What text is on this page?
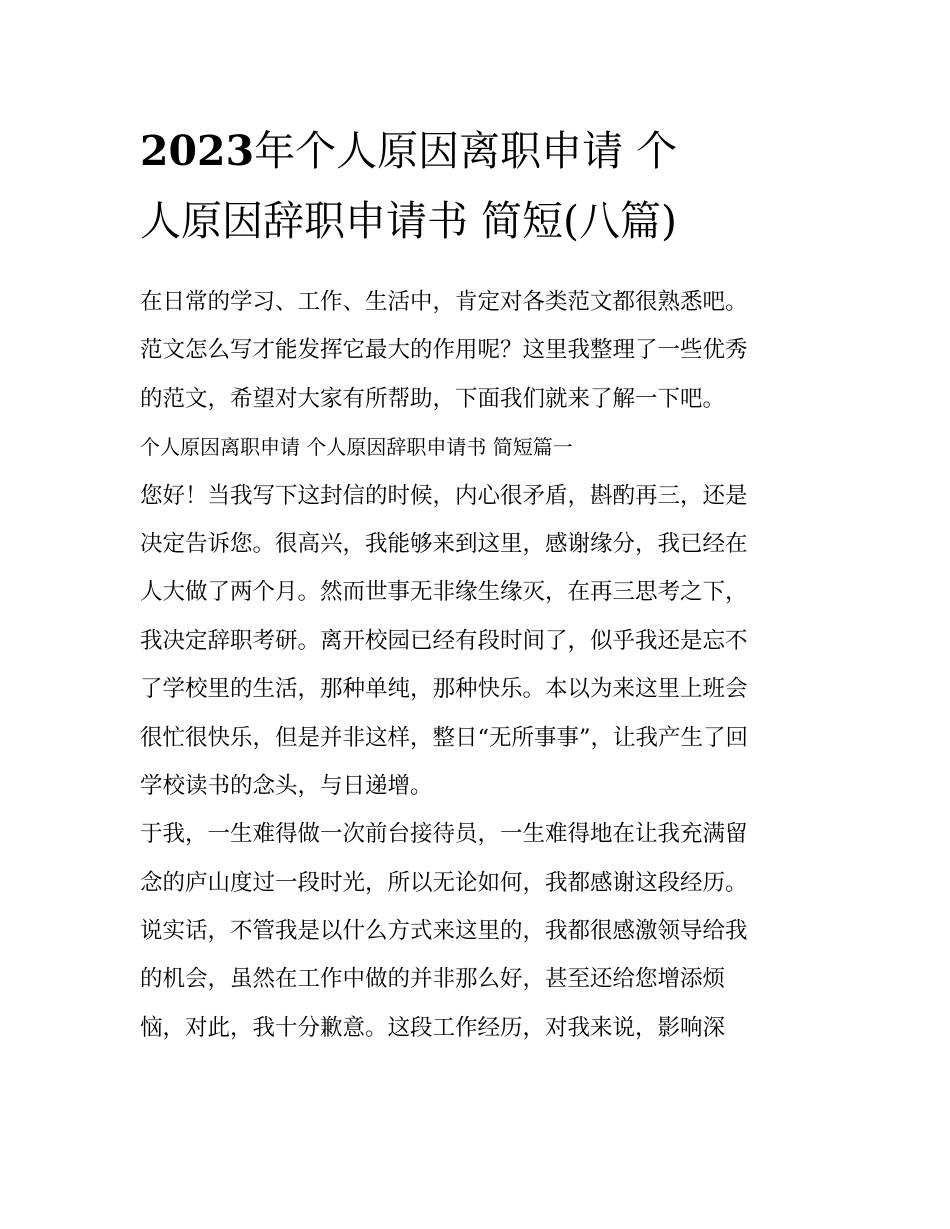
2023年个人原因离职申请 个
人原因辞职申请书 简短(八篇)
在日常的学习、工作、生活中，肯定对各类范文都很熟悉吧。
范文怎么写才能发挥它最大的作用呢？这里我整理了一些优秀
的范文，希望对大家有所帮助，下面我们就来了解一下吧。
个人原因离职申请 个人原因辞职申请书 简短篇一
您好！当我写下这封信的时候，内心很矛盾，斟酌再三，还是
决定告诉您。很高兴，我能够来到这里，感谢缘分，我已经在
人大做了两个月。然而世事无非缘生缘灭，在再三思考之下，
我决定辞职考研。离开校园已经有段时间了，似乎我还是忘不
了学校里的生活，那种单纯，那种快乐。本以为来这里上班会
很忙很快乐，但是并非这样，整日“无所事事”，让我产生了回
学校读书的念头，与日递增。
于我，一生难得做一次前台接待员，一生难得地在让我充满留
念的庐山度过一段时光，所以无论如何，我都感谢这段经历。
说实话，不管我是以什么方式来这里的，我都很感激领导给我
的机会，虽然在工作中做的并非那么好，甚至还给您增添烦
恼，对此，我十分歉意。这段工作经历，对我来说，影响深
